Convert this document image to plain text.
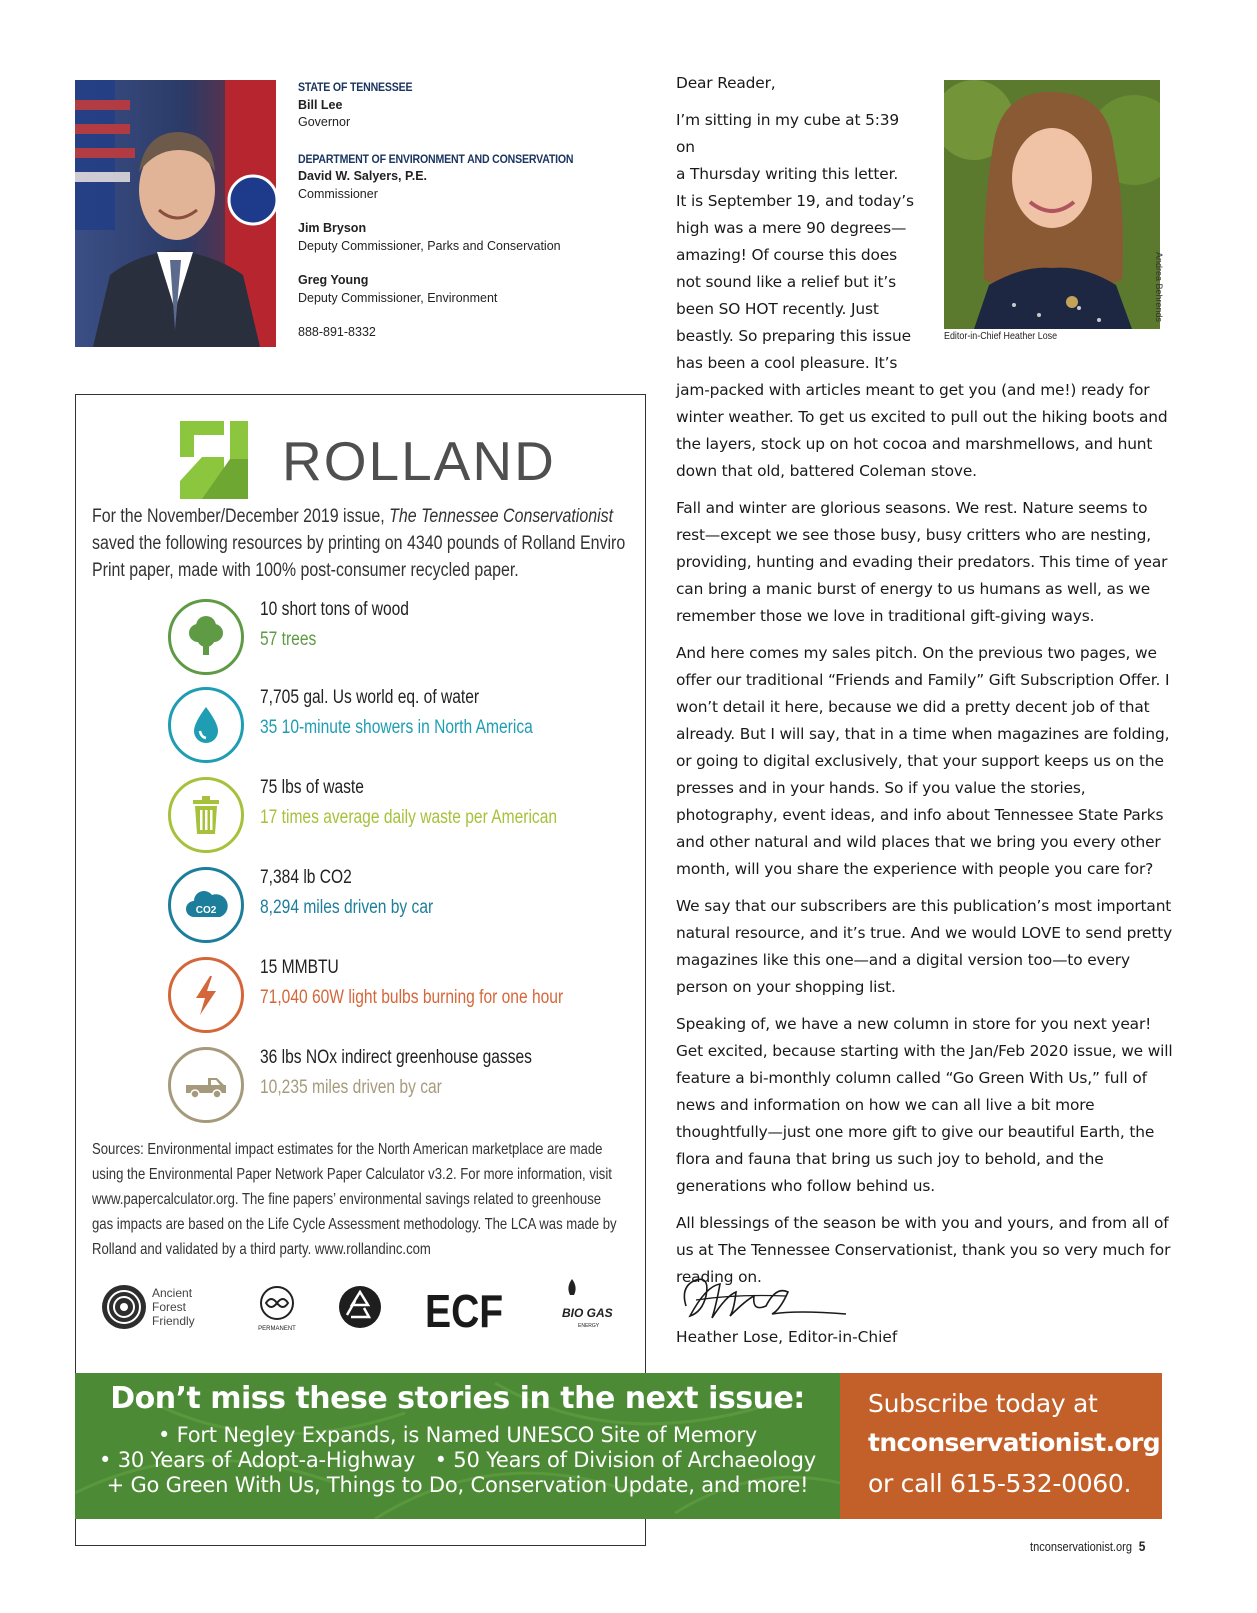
STATE OF TENNESSEE
Bill Lee
Governor
DEPARTMENT OF ENVIRONMENT AND CONSERVATION
David W. Salyers, P.E.
Commissioner
Jim Bryson
Deputy Commissioner, Parks and Conservation
Greg Young
Deputy Commissioner, Environment
888-891-8332
ROLLAND
For the November/December 2019 issue, The Tennessee Conservationist saved the following resources by printing on 4340 pounds of Rolland Enviro Print paper, made with 100% post-consumer recycled paper.
10 short tons of wood
57 trees
7,705 gal. Us world eq. of water
35 10-minute showers in North America
75 lbs of waste
17 times average daily waste per American
CO2
7,384 lb CO2
8,294 miles driven by car
15 MMBTU
71,040 60W light bulbs burning for one hour
36 lbs NOx indirect greenhouse gasses
10,235 miles driven by car
Sources: Environmental impact estimates for the North American marketplace are made using the Environmental Paper Network Paper Calculator v3.2. For more information, visit www.papercalculator.org. The fine papers’ environmental savings related to greenhouse gas impacts are based on the Life Cycle Assessment methodology. The LCA was made by Rolland and validated by a third party. www.rollandinc.com
Ancient
Forest
Friendly
PERMANENT	ECF	BIO GAS
ENERGY
Andrea Behrends
Editor-in-Chief Heather Lose

Dear Reader,

I’m sitting in my cube at 5:39 on
a Thursday writing this letter.
It is September 19, and today’s
high was a mere 90 degrees—
amazing! Of course this does
not sound like a relief but it’s
been SO HOT recently. Just
beastly. So preparing this issue
has been a cool pleasure. It’s

jam-packed with articles meant to get you (and me!) ready for winter weather. To get us excited to pull out the hiking boots and the layers, stock up on hot cocoa and marshmellows, and hunt down that old, battered Coleman stove.

Fall and winter are glorious seasons. We rest. Nature seems to rest—except we see those busy, busy critters who are nesting, providing, hunting and evading their predators. This time of year can bring a manic burst of energy to us humans as well, as we remember those we love in traditional gift-giving ways.

And here comes my sales pitch. On the previous two pages, we offer our traditional “Friends and Family” Gift Subscription Offer. I won’t detail it here, because we did a pretty decent job of that already. But I will say, that in a time when magazines are folding, or going to digital exclusively, that your support keeps us on the presses and in your hands. So if you value the stories, photography, event ideas, and info about Tennessee State Parks and other natural and wild places that we bring you every other month, will you share the experience with people you care for?

We say that our subscribers are this publication’s most important natural resource, and it’s true. And we would LOVE to send pretty magazines like this one—and a digital version too—to every person on your shopping list.

Speaking of, we have a new column in store for you next year! Get excited, because starting with the Jan/Feb 2020 issue, we will feature a bi-monthly column called “Go Green With Us,” full of news and information on how we can all live a bit more thoughtfully—just one more gift to give our beautiful Earth, the flora and fauna that bring us such joy to behold, and the generations who follow behind us.

All blessings of the season be with you and yours, and from all of us at The Tennessee Conservationist, thank you so very much for reading on.

Heather Lose, Editor-in-Chief
Don’t miss these stories in the next issue:
• Fort Negley Expands, is Named UNESCO Site of Memory
• 30 Years of Adopt-a-Highway   • 50 Years of Division of Archaeology
+ Go Green With Us, Things to Do, Conservation Update, and more!
Subscribe today at
tnconservationist.org
or call 615-532-0060.
tnconservationist.org 5
